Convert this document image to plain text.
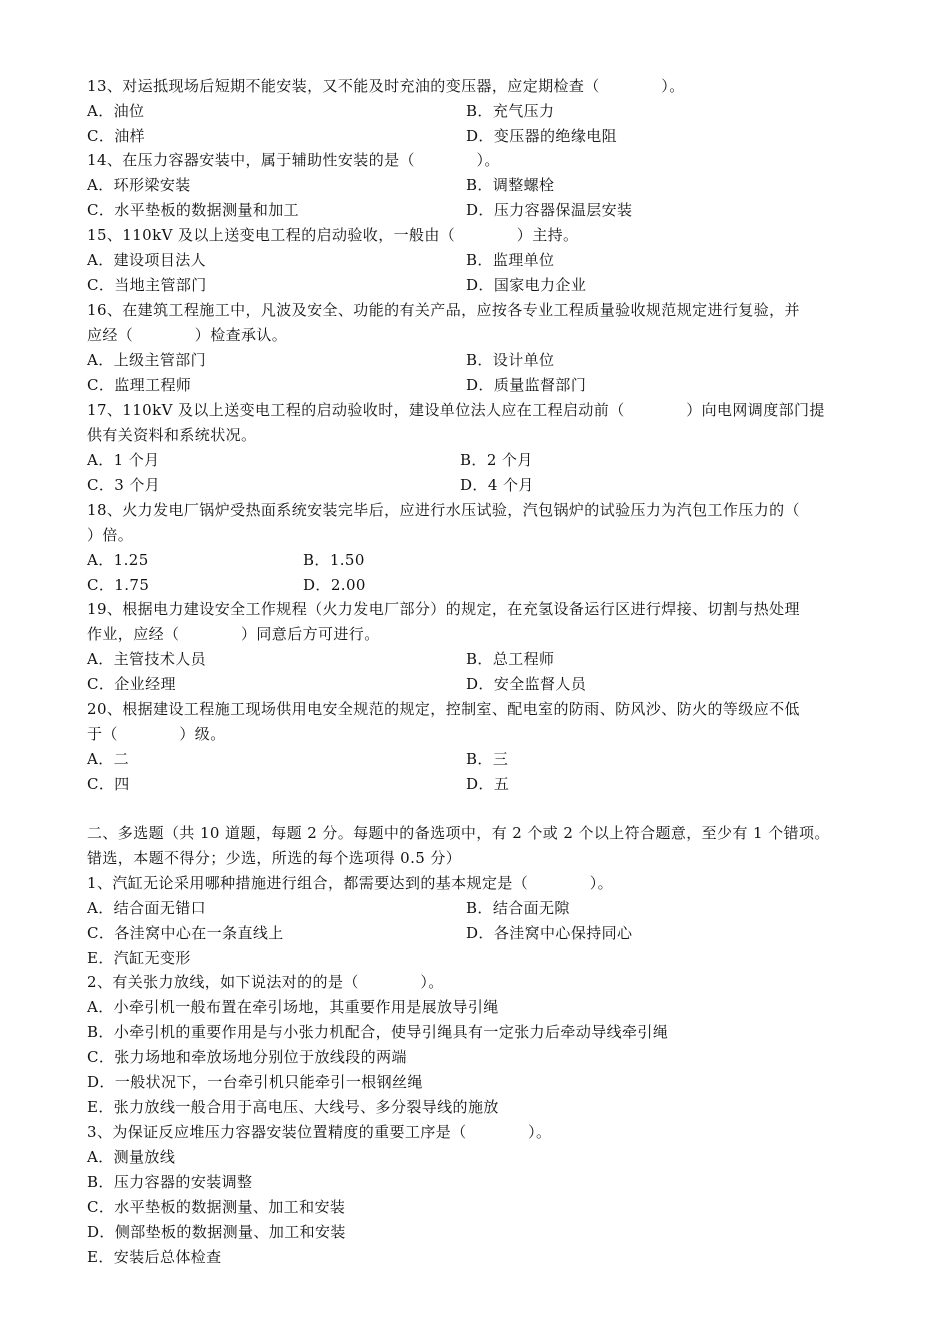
13、对运抵现场后短期不能安装，又不能及时充油的变压器，应定期检查（　　　　）。
A．油位	B．充气压力
C．油样	D．变压器的绝缘电阻
14、在压力容器安装中，属于辅助性安装的是（　　　　）。
A．环形梁安装	B．调整螺栓
C．水平垫板的数据测量和加工	D．压力容器保温层安装
15、110kV 及以上送变电工程的启动验收，一般由（　　　　）主持。
A．建设项目法人	B．监理单位
C．当地主管部门	D．国家电力企业
16、在建筑工程施工中，凡波及安全、功能的有关产品，应按各专业工程质量验收规范规定进行复验，并
应经（　　　　）检查承认。
A．上级主管部门	B．设计单位
C．监理工程师	D．质量监督部门
17、110kV 及以上送变电工程的启动验收时，建设单位法人应在工程启动前（　　　　）向电网调度部门提
供有关资料和系统状况。
A．1 个月	B．2 个月
C．3 个月	D．4 个月
18、火力发电厂锅炉受热面系统安装完毕后，应进行水压试验，汽包锅炉的试验压力为汽包工作压力的（
）倍。
A．1.25	B．1.50
C．1.75	D．2.00
19、根据电力建设安全工作规程（火力发电厂部分）的规定，在充氢设备运行区进行焊接、切割与热处理
作业，应经（　　　　）同意后方可进行。
A．主管技术人员	B．总工程师
C．企业经理	D．安全监督人员
20、根据建设工程施工现场供用电安全规范的规定，控制室、配电室的防雨、防风沙、防火的等级应不低
于（　　　　）级。
A．二	B．三
C．四	D．五
二、多选题（共 10 道题，每题 2 分。每题中的备选项中，有 2 个或 2 个以上符合题意，至少有 1 个错项。
错选，本题不得分；少选，所选的每个选项得 0.5 分）
1、汽缸无论采用哪种措施进行组合，都需要达到的基本规定是（　　　　）。
A．结合面无错口	B．结合面无隙
C．各洼窝中心在一条直线上	D．各洼窝中心保持同心
E．汽缸无变形
2、有关张力放线，如下说法对的的是（　　　　）。
A．小牵引机一般布置在牵引场地，其重要作用是展放导引绳
B．小牵引机的重要作用是与小张力机配合，使导引绳具有一定张力后牵动导线牵引绳
C．张力场地和牵放场地分别位于放线段的两端
D．一般状况下，一台牵引机只能牵引一根钢丝绳
E．张力放线一般合用于高电压、大线号、多分裂导线的施放
3、为保证反应堆压力容器安装位置精度的重要工序是（　　　　）。
A．测量放线
B．压力容器的安装调整
C．水平垫板的数据测量、加工和安装
D．侧部垫板的数据测量、加工和安装
E．安装后总体检查
